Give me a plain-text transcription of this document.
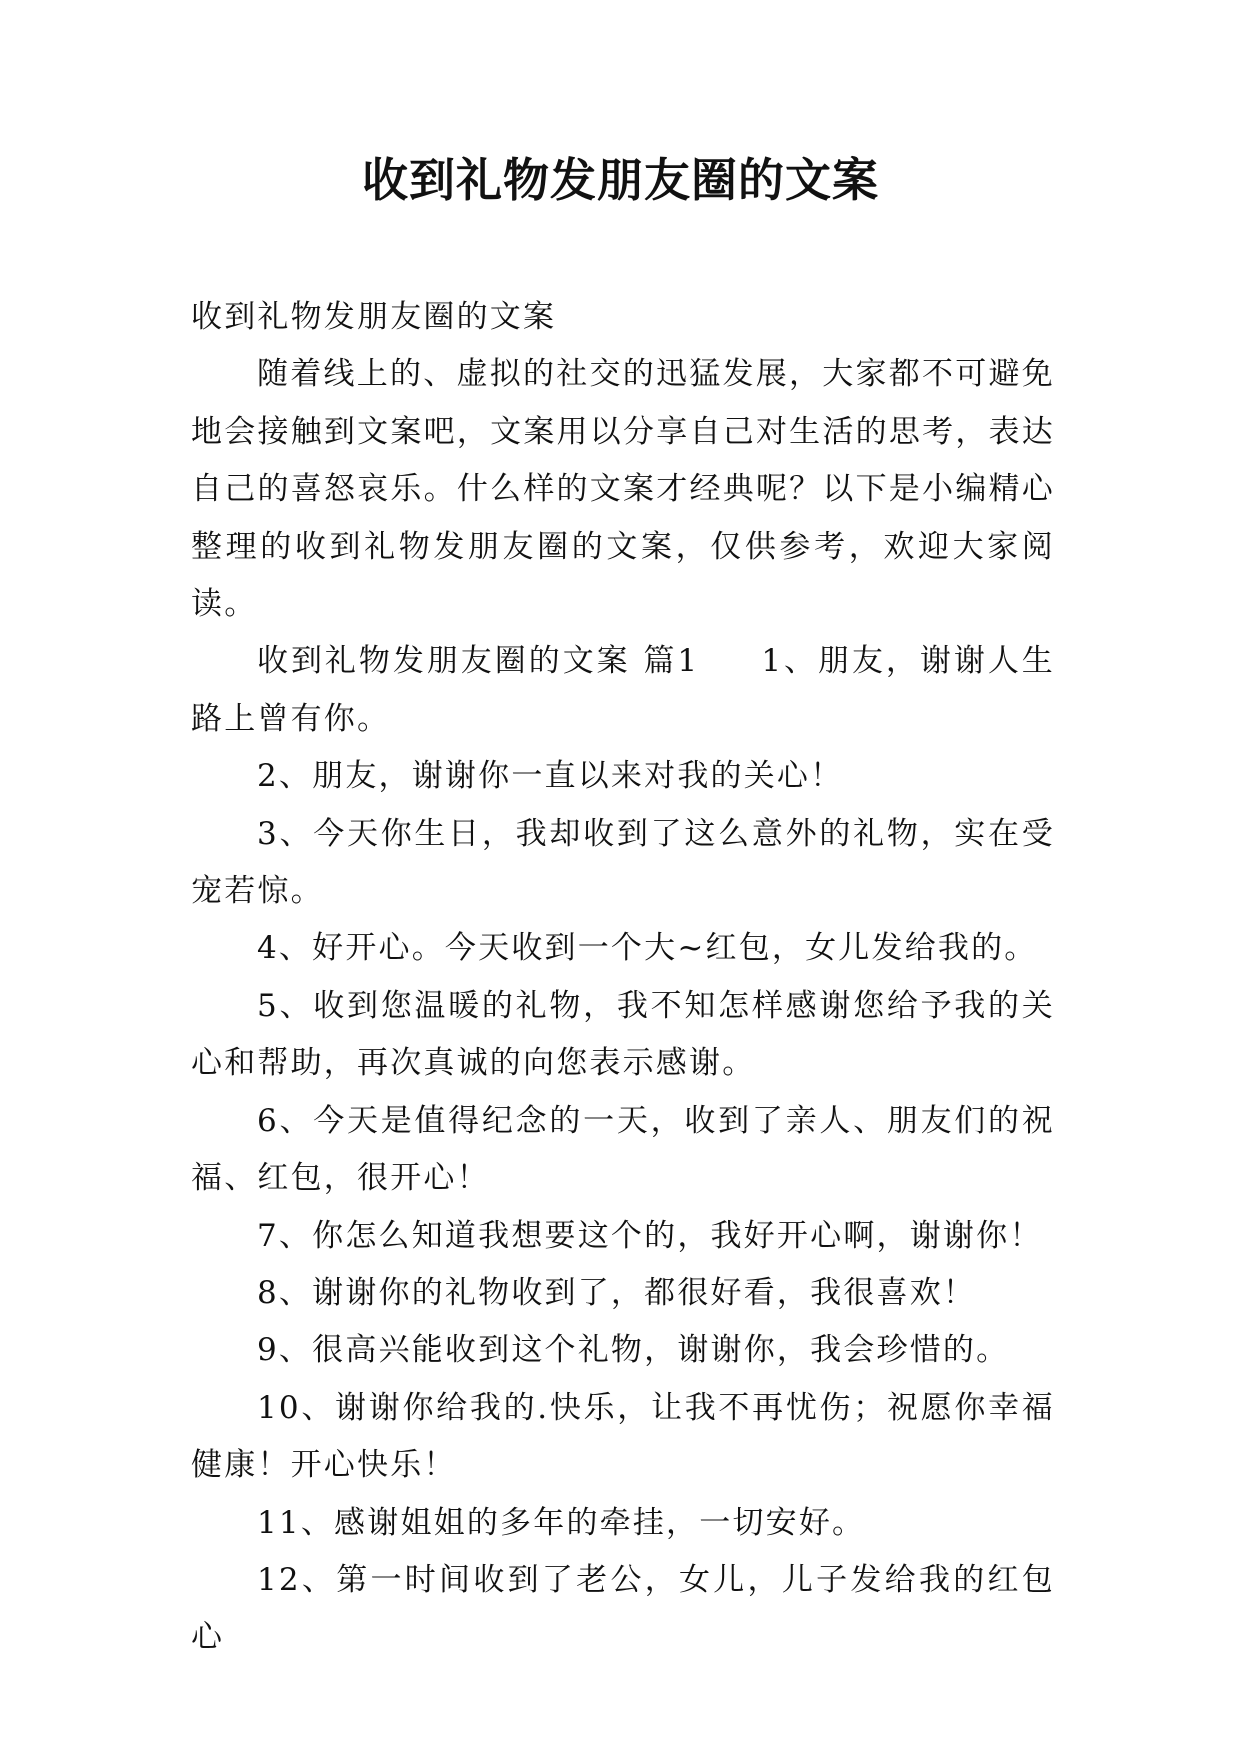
收到礼物发朋友圈的文案

收到礼物发朋友圈的文案

随着线上的、虚拟的社交的迅猛发展，大家都不可避免地会接触到文案吧，文案用以分享自己对生活的思考，表达自己的喜怒哀乐。什么样的文案才经典呢？以下是小编精心整理的收到礼物发朋友圈的文案，仅供参考，欢迎大家阅读。

收到礼物发朋友圈的文案 篇1 1、朋友，谢谢人生路上曾有你。

2、朋友，谢谢你一直以来对我的关心！

3、今天你生日，我却收到了这么意外的礼物，实在受宠若惊。

4、好开心。今天收到一个大~红包，女儿发给我的。

5、收到您温暖的礼物，我不知怎样感谢您给予我的关心和帮助，再次真诚的向您表示感谢。

6、今天是值得纪念的一天，收到了亲人、朋友们的祝福、红包，很开心！

7、你怎么知道我想要这个的，我好开心啊，谢谢你！

8、谢谢你的礼物收到了，都很好看，我很喜欢！

9、很高兴能收到这个礼物，谢谢你，我会珍惜的。

10、谢谢你给我的.快乐，让我不再忧伤；祝愿你幸福健康！开心快乐！

11、感谢姐姐的多年的牵挂，一切安好。

12、第一时间收到了老公，女儿，儿子发给我的红包心
